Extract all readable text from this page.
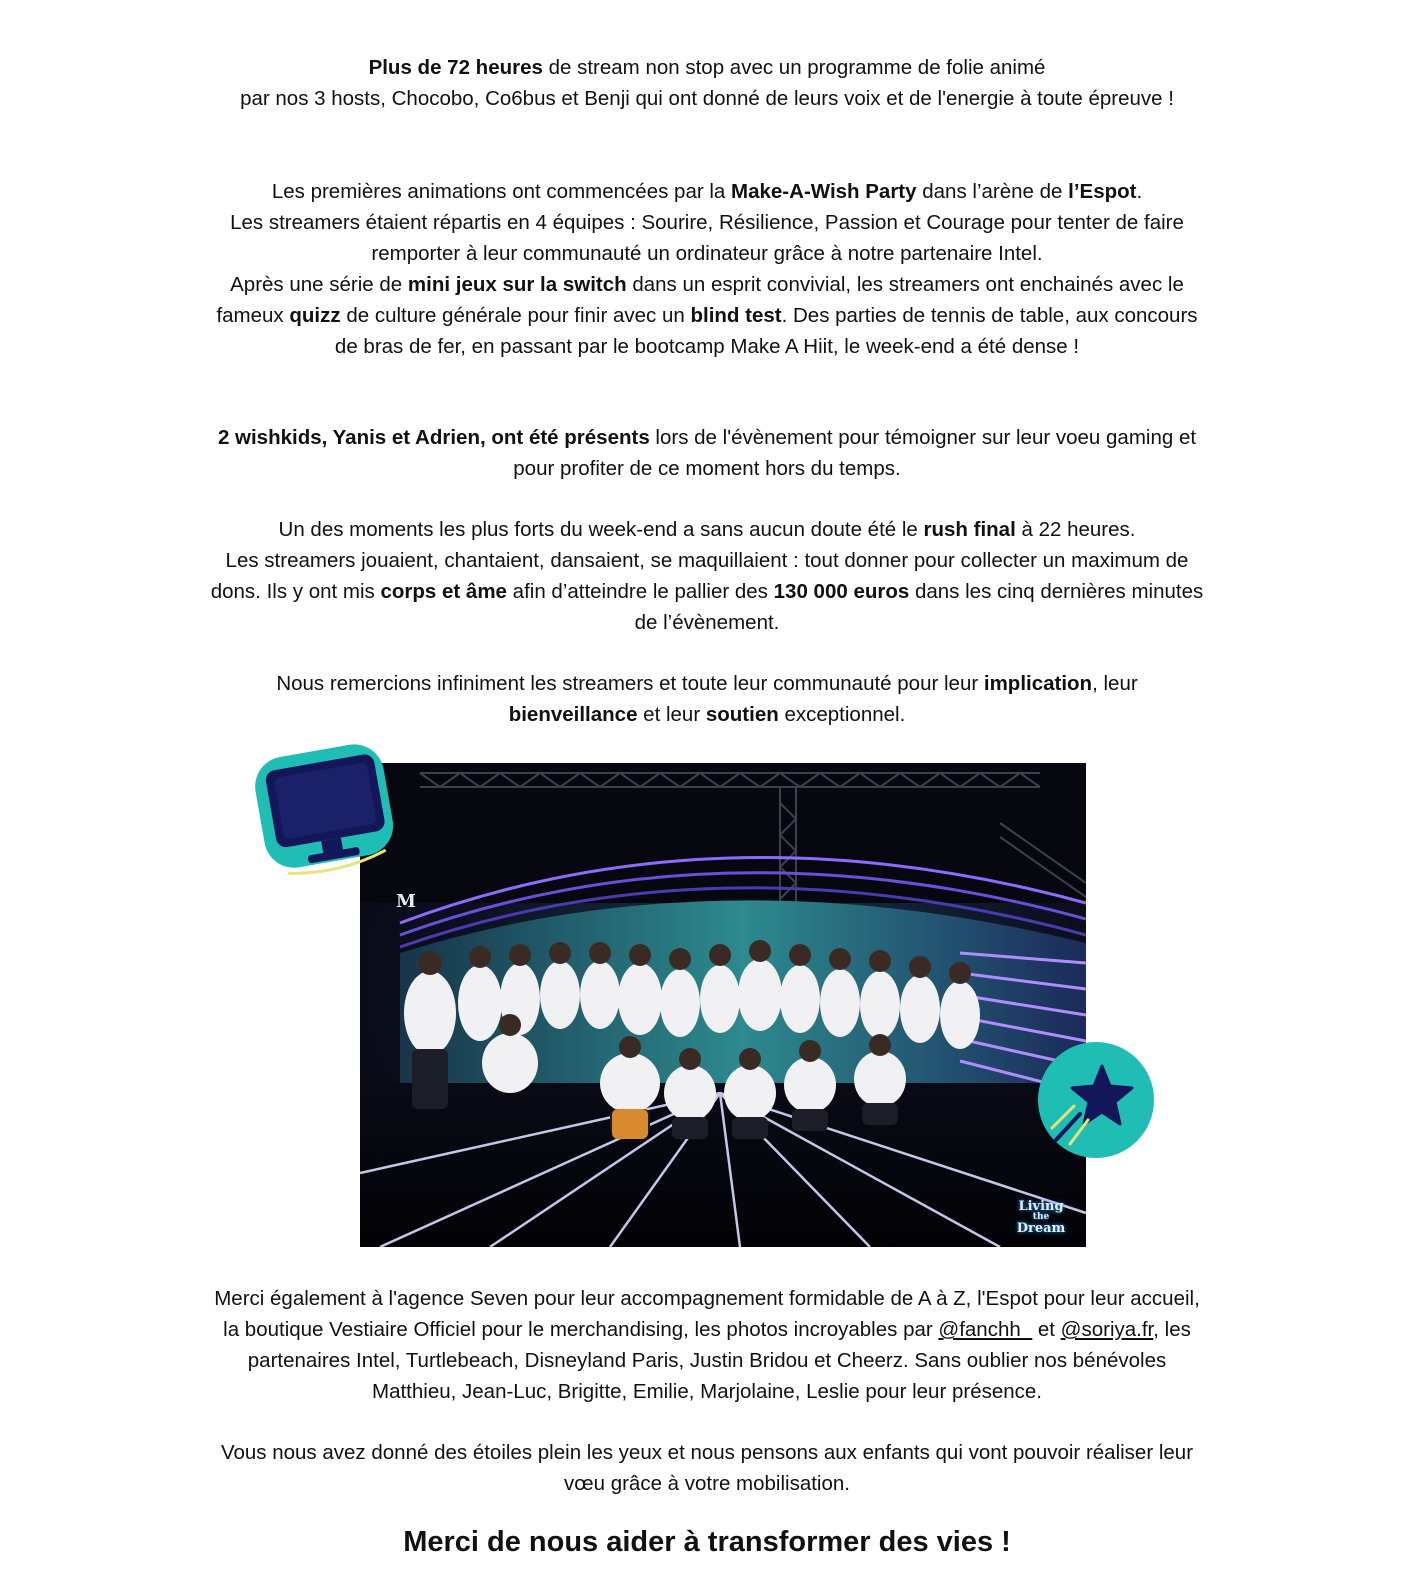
Plus de 72 heures de stream non stop avec un programme de folie animé
par nos 3 hosts, Chocobo, Co6bus et Benji qui ont donné de leurs voix et de l'energie à toute épreuve !

Les premières animations ont commencées par la Make-A-Wish Party dans l’arène de l’Espot.
Les streamers étaient répartis en 4 équipes : Sourire, Résilience, Passion et Courage pour tenter de faire remporter à leur communauté un ordinateur grâce à notre partenaire Intel.
Après une série de mini jeux sur la switch dans un esprit convivial, les streamers ont enchainés avec le fameux quizz de culture générale pour finir avec un blind test. Des parties de tennis de table, aux concours de bras de fer, en passant par le bootcamp Make A Hiit, le week-end a été dense !

2 wishkids, Yanis et Adrien, ont été présents lors de l'évènement pour témoigner sur leur voeu gaming et pour profiter de ce moment hors du temps.

Un des moments les plus forts du week-end a sans aucun doute été le rush final à 22 heures.
Les streamers jouaient, chantaient, dansaient, se maquillaient : tout donner pour collecter un maximum de dons. Ils y ont mis corps et âme afin d’atteindre le pallier des 130 000 euros dans les cinq dernières minutes de l’évènement.

Nous remercions infiniment les streamers et toute leur communauté pour leur implication, leur bienveillance et leur soutien exceptionnel.

M
Living
the
Dream

Merci également à l'agence Seven pour leur accompagnement formidable de A à Z, l'Espot pour leur accueil, la boutique Vestiaire Officiel pour le merchandising, les photos incroyables par @fanchh_ et @soriya.fr, les partenaires Intel, Turtlebeach, Disneyland Paris, Justin Bridou et Cheerz. Sans oublier nos bénévoles Matthieu, Jean-Luc, Brigitte, Emilie, Marjolaine, Leslie pour leur présence.

Vous nous avez donné des étoiles plein les yeux et nous pensons aux enfants qui vont pouvoir réaliser leur vœu grâce à votre mobilisation.

Merci de nous aider à transformer des vies !
